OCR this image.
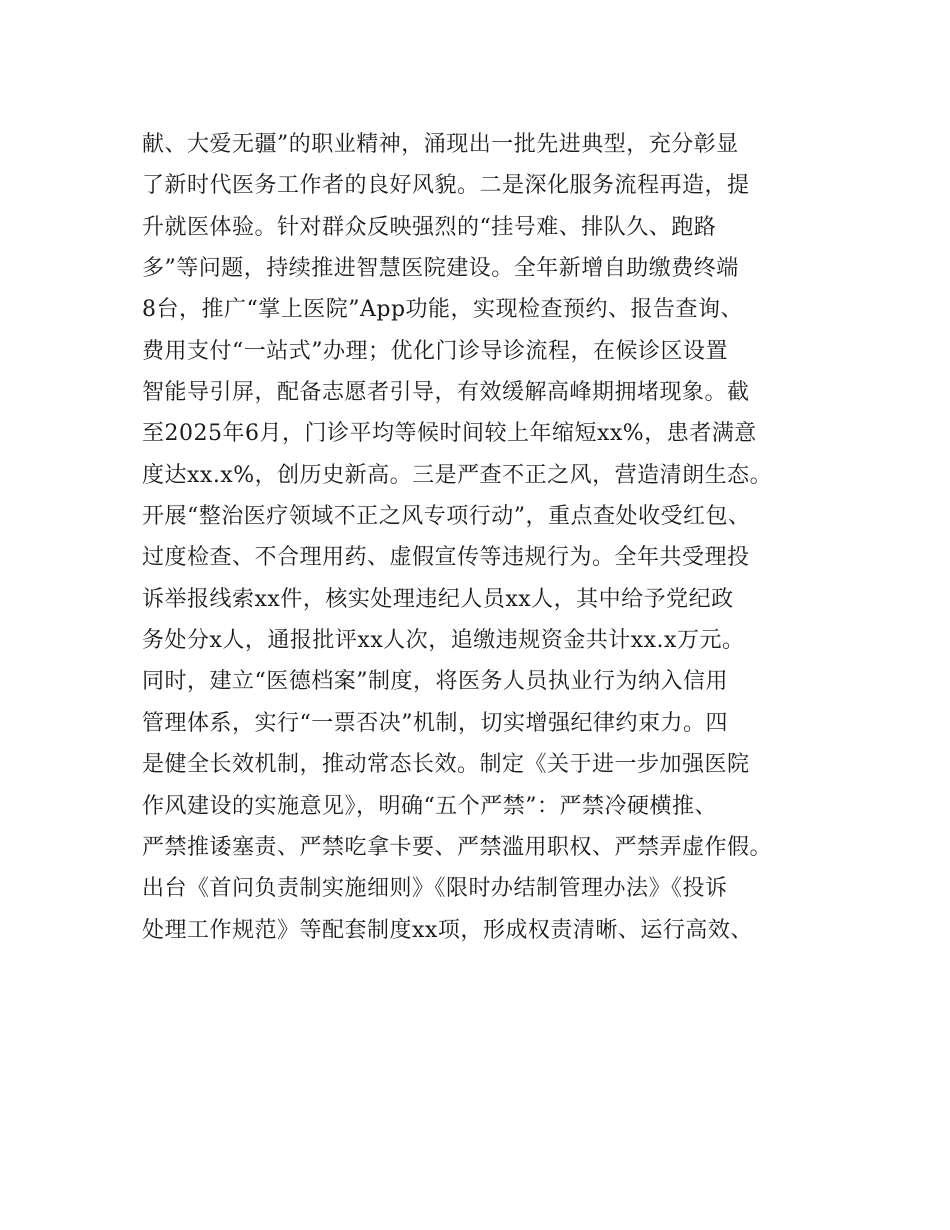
献、大爱无疆”的职业精神，涌现出一批先进典型，充分彰显
了新时代医务工作者的良好风貌。二是深化服务流程再造，提
升就医体验。针对群众反映强烈的“挂号难、排队久、跑路
多”等问题，持续推进智慧医院建设。全年新增自助缴费终端
8台，推广“掌上医院”App功能，实现检查预约、报告查询、
费用支付“一站式”办理；优化门诊导诊流程，在候诊区设置
智能导引屏，配备志愿者引导，有效缓解高峰期拥堵现象。截
至2025年6月，门诊平均等候时间较上年缩短xx%，患者满意
度达xx.x%，创历史新高。三是严查不正之风，营造清朗生态。
开展“整治医疗领域不正之风专项行动”，重点查处收受红包、
过度检查、不合理用药、虚假宣传等违规行为。全年共受理投
诉举报线索xx件，核实处理违纪人员xx人，其中给予党纪政
务处分x人，通报批评xx人次，追缴违规资金共计xx.x万元。
同时，建立“医德档案”制度，将医务人员执业行为纳入信用
管理体系，实行“一票否决”机制，切实增强纪律约束力。四
是健全长效机制，推动常态长效。制定《关于进一步加强医院
作风建设的实施意见》，明确“五个严禁”：严禁冷硬横推、
严禁推诿塞责、严禁吃拿卡要、严禁滥用职权、严禁弄虚作假。
出台《首问负责制实施细则》《限时办结制管理办法》《投诉
处理工作规范》等配套制度xx项，形成权责清晰、运行高效、
